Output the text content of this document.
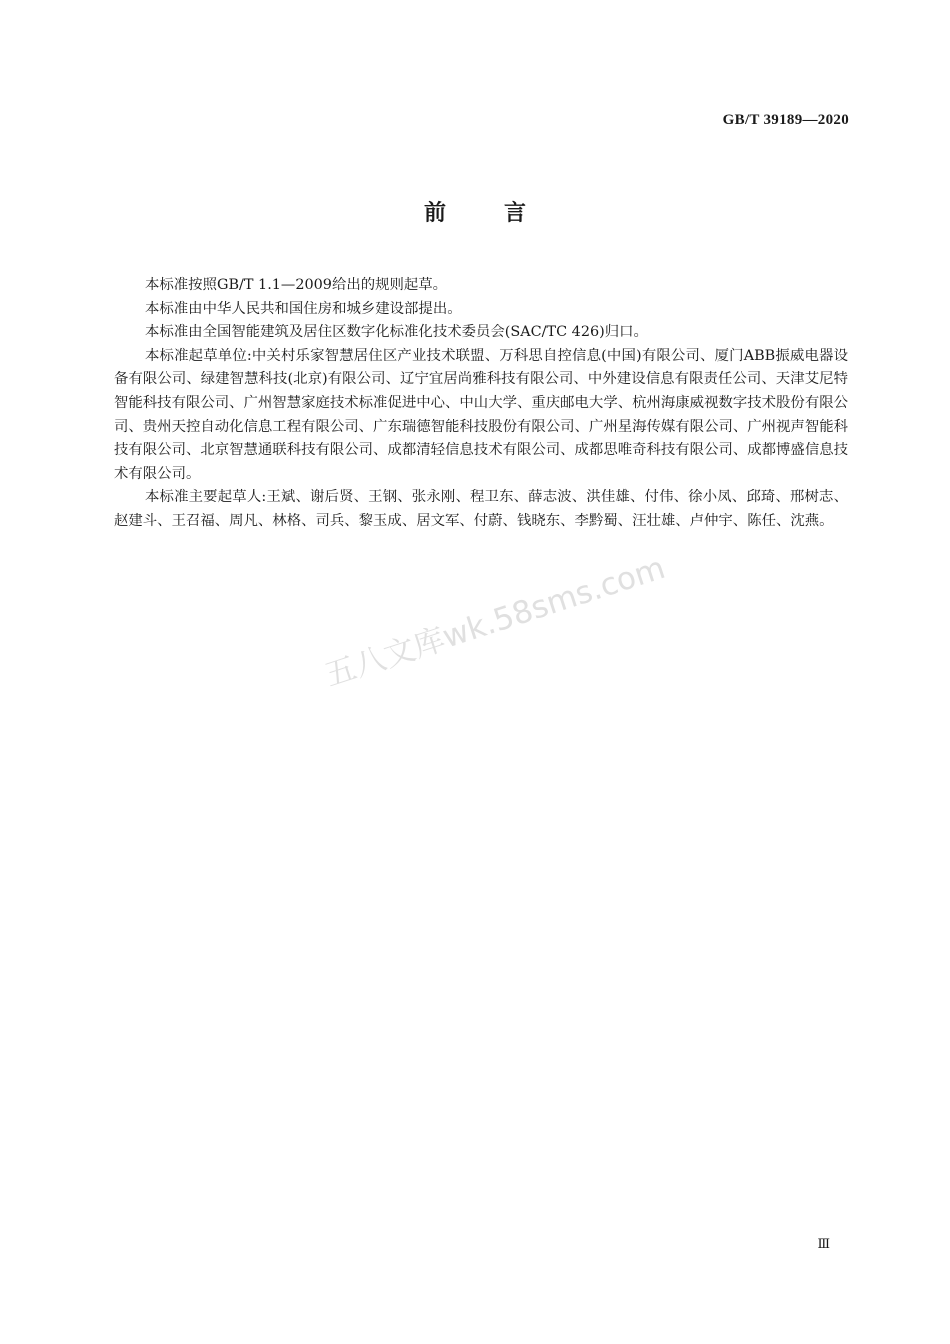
GB/T 39189—2020
前言

本标准按照GB/T 1.1—2009给出的规则起草。

本标准由中华人民共和国住房和城乡建设部提出。

本标准由全国智能建筑及居住区数字化标准化技术委员会(SAC/TC 426)归口。

本标准起草单位:中关村乐家智慧居住区产业技术联盟、万科思自控信息(中国)有限公司、厦门ABB振威电器设备有限公司、绿建智慧科技(北京)有限公司、辽宁宜居尚雅科技有限公司、中外建设信息有限责任公司、天津艾尼特智能科技有限公司、广州智慧家庭技术标准促进中心、中山大学、重庆邮电大学、杭州海康威视数字技术股份有限公司、贵州天控自动化信息工程有限公司、广东瑞德智能科技股份有限公司、广州星海传媒有限公司、广州视声智能科技有限公司、北京智慧通联科技有限公司、成都清轻信息技术有限公司、成都思唯奇科技有限公司、成都博盛信息技术有限公司。

本标准主要起草人:王斌、谢后贤、王钢、张永刚、程卫东、薛志波、洪佳雄、付伟、徐小凤、邱琦、邢树志、赵建斗、王召福、周凡、林格、司兵、黎玉成、居文军、付蔚、钱晓东、李黔蜀、汪壮雄、卢仲宇、陈任、沈燕。

五八文库wk.58sms.com
Ⅲ
